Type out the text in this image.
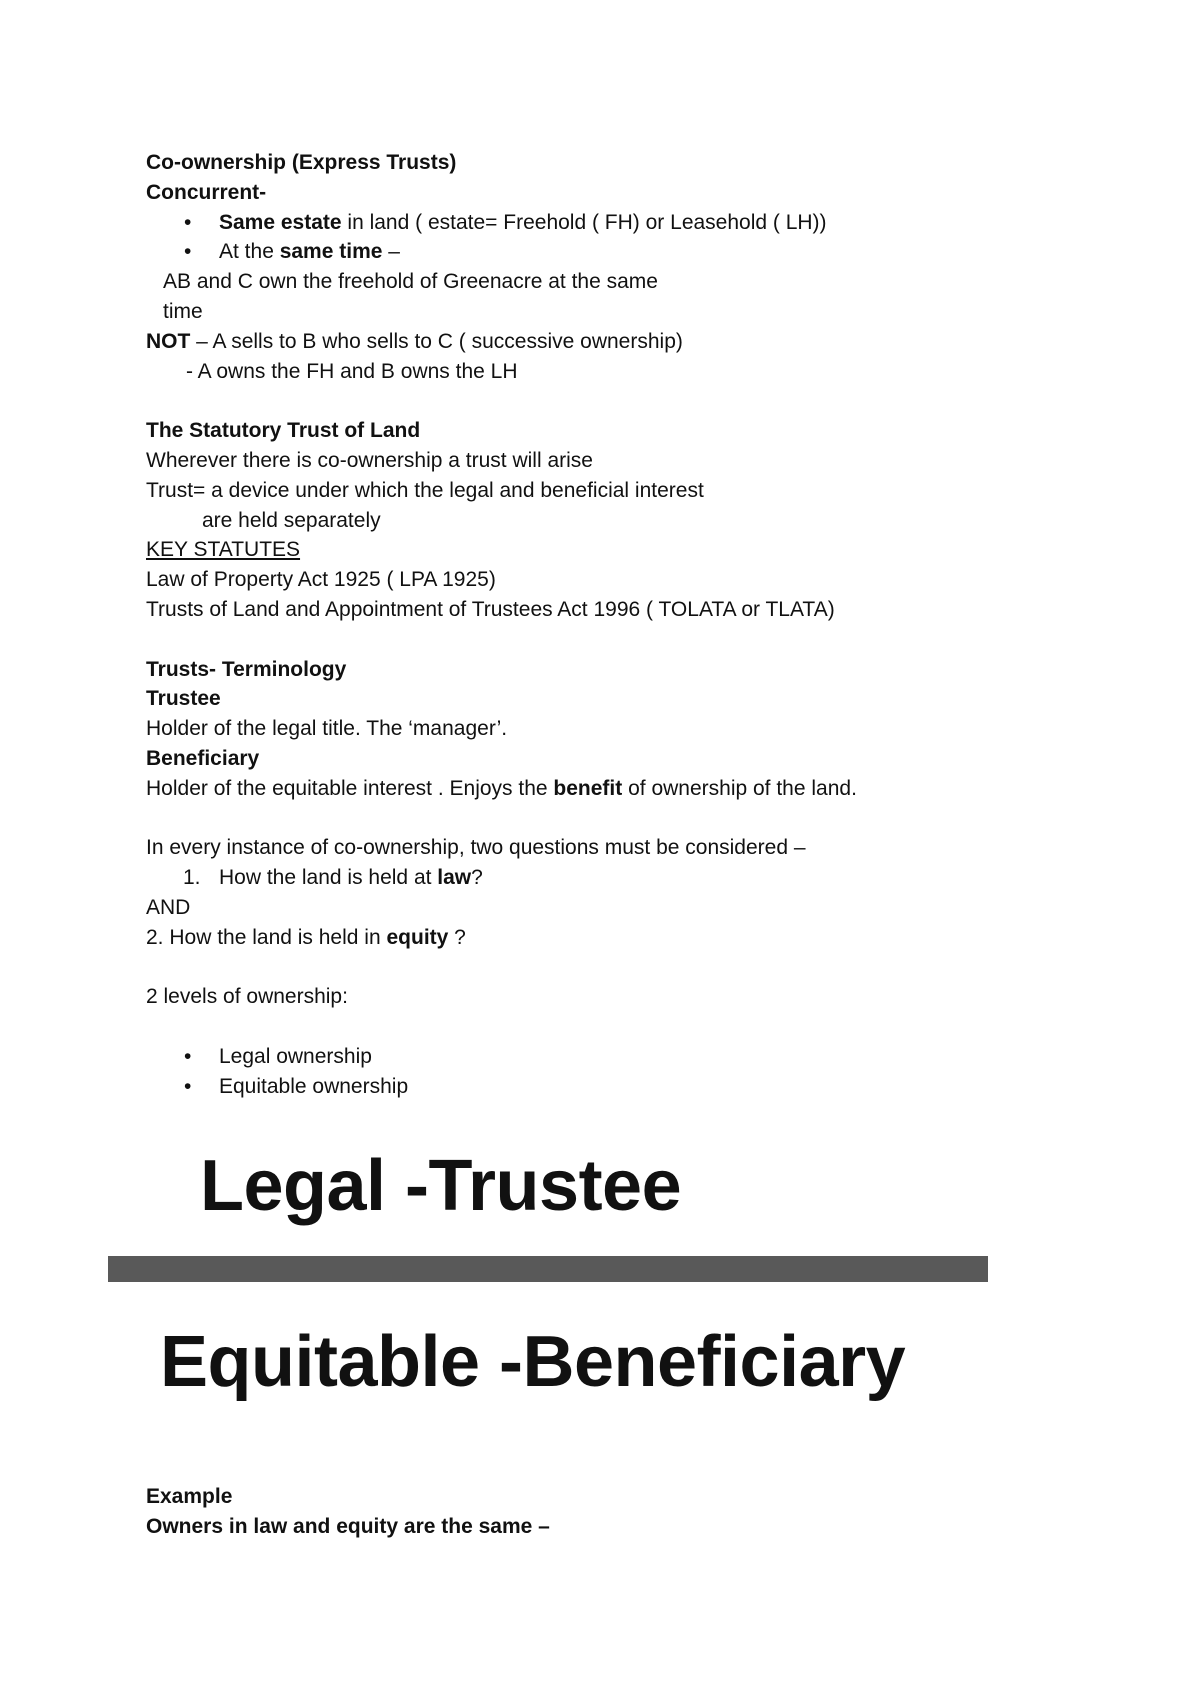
Co-ownership (Express Trusts)

Concurrent-

• Same estate in land ( estate= Freehold ( FH) or Leasehold ( LH))
• At the same time –

AB and C own the freehold of Greenacre at the same

time

NOT – A sells to B who sells to C ( successive ownership)

- A owns the FH and B owns the LH

The Statutory Trust of Land

Wherever there is co-ownership a trust will arise

Trust= a device under which the legal and beneficial interest

are held separately

KEY STATUTES

Law of Property Act 1925 ( LPA 1925)

Trusts of Land and Appointment of Trustees Act 1996 ( TOLATA or TLATA)

Trusts- Terminology

Trustee

Holder of the legal title. The ‘manager’.

Beneficiary

Holder of the equitable interest . Enjoys the benefit of ownership of the land.

In every instance of co-ownership, two questions must be considered –

1. How the land is held at law?

AND

2. How the land is held in equity ?

2 levels of ownership:

• Legal ownership
• Equitable ownership
Legal -Trustee
Equitable -Beneficiary

Example

Owners in law and equity are the same –
